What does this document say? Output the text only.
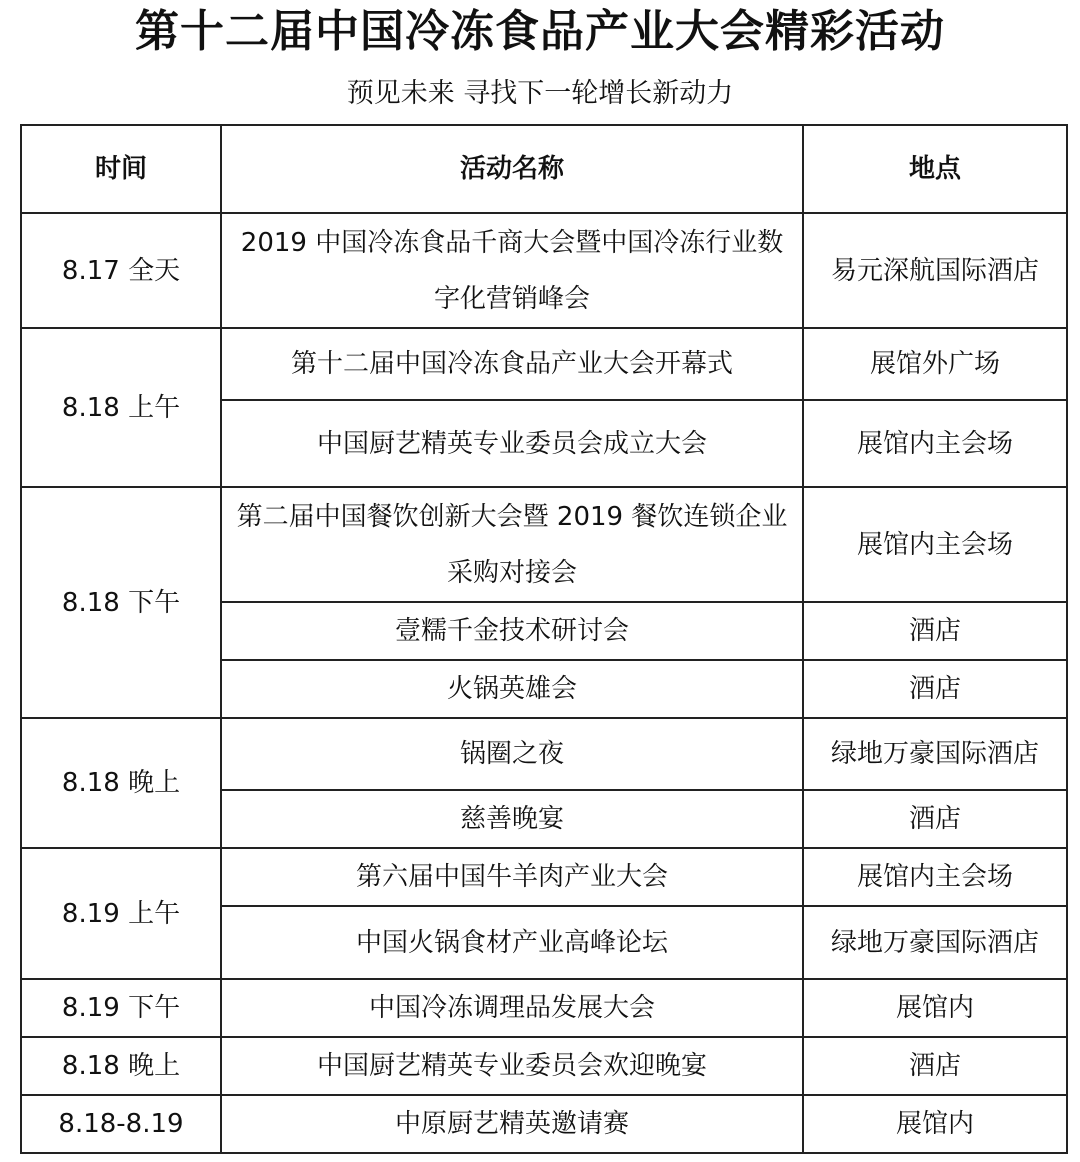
第十二届中国冷冻食品产业大会精彩活动
预见未来 寻找下一轮增长新动力
时间	活动名称	地点
8.17 全天	2019 中国冷冻食品千商大会暨中国冷冻行业数字化营销峰会	易元深航国际酒店
8.18 上午	第十二届中国冷冻食品产业大会开幕式	展馆外广场
	中国厨艺精英专业委员会成立大会	展馆内主会场
8.18 下午	第二届中国餐饮创新大会暨 2019 餐饮连锁企业采购对接会	展馆内主会场
	壹糯千金技术研讨会	酒店
	火锅英雄会	酒店
8.18 晚上	锅圈之夜	绿地万豪国际酒店
	慈善晚宴	酒店
8.19 上午	第六届中国牛羊肉产业大会	展馆内主会场
	中国火锅食材产业高峰论坛	绿地万豪国际酒店
8.19 下午	中国冷冻调理品发展大会	展馆内
8.18 晚上	中国厨艺精英专业委员会欢迎晚宴	酒店
8.18-8.19	中原厨艺精英邀请赛	展馆内
